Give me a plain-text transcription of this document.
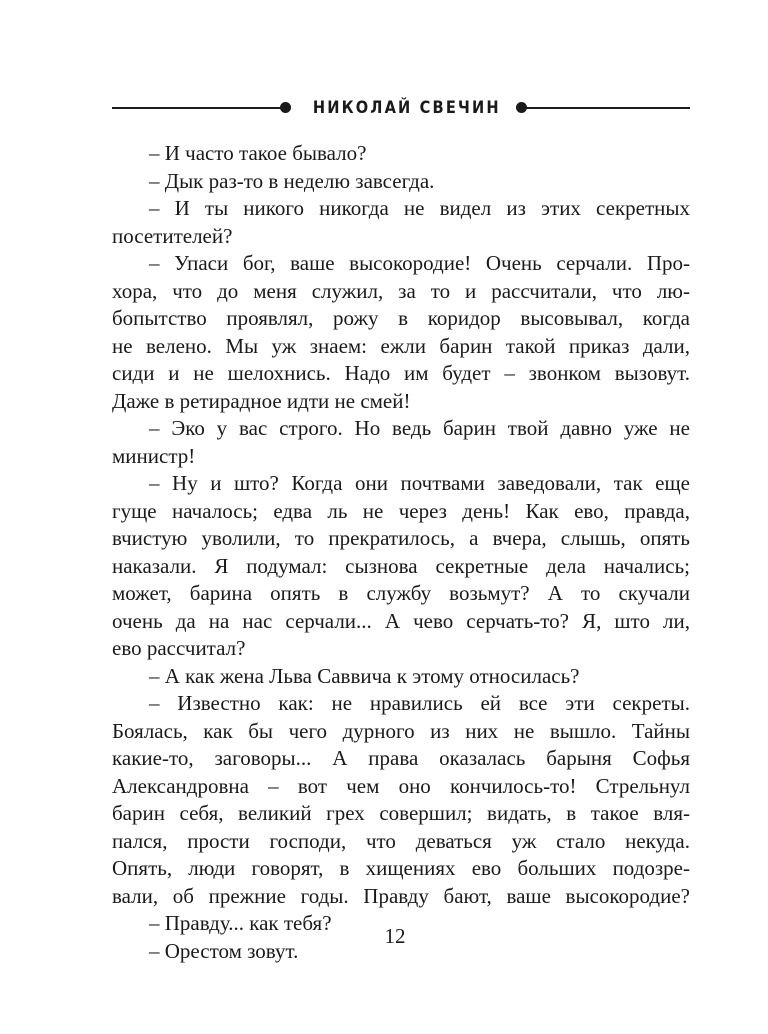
НИКОЛАЙ СВЕЧИН
– И часто такое бывало?
– Дык раз-то в неделю завсегда.
– И ты никого никогда не видел из этих секретных
посетителей?
– Упаси бог, ваше высокородие! Очень серчали. Про-
хора, что до меня служил, за то и рассчитали, что лю-
бопытство проявлял, рожу в коридор высовывал, когда
не велено. Мы уж знаем: ежли барин такой приказ дали,
сиди и не шелохнись. Надо им будет – звонком вызовут.
Даже в ретирадное идти не смей!
– Эко у вас строго. Но ведь барин твой давно уже не
министр!
– Ну и што? Когда они почтвами заведовали, так еще
гуще началось; едва ль не через день! Как ево, правда,
вчистую уволили, то прекратилось, а вчера, слышь, опять
наказали. Я подумал: сызнова секретные дела начались;
может, барина опять в службу возьмут? А то скучали
очень да на нас серчали... А чево серчать-то? Я, што ли,
ево рассчитал?
– А как жена Льва Саввича к этому относилась?
– Известно как: не нравились ей все эти секреты.
Боялась, как бы чего дурного из них не вышло. Тайны
какие-то, заговоры... А права оказалась барыня Софья
Александровна – вот чем оно кончилось-то! Стрельнул
барин себя, великий грех совершил; видать, в такое вля-
пался, прости господи, что деваться уж стало некуда.
Опять, люди говорят, в хищениях ево больших подозре-
вали, об прежние годы. Правду бают, ваше высокородие?
– Правду... как тебя?
– Орестом зовут.
12
